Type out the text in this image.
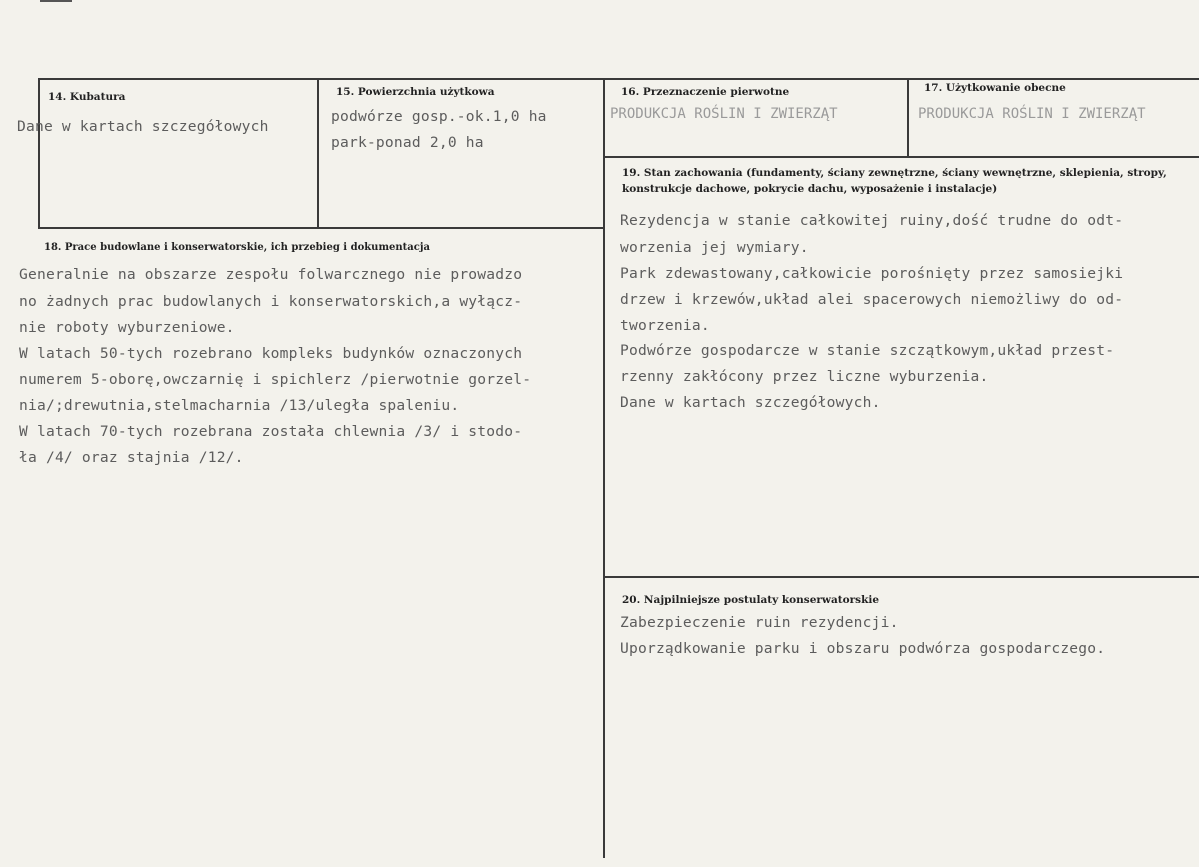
14. Kubatura
Dane w kartach szczegółowych
15. Powierzchnia użytkowa
podwórze gosp.-ok.1,0 ha
park-ponad 2,0 ha
16. Przeznaczenie pierwotne
PRODUKCJA ROŚLIN I ZWIERZĄT
17. Użytkowanie obecne
PRODUKCJA ROŚLIN I ZWIERZĄT
19. Stan zachowania (fundamenty, ściany zewnętrzne, ściany wewnętrzne, sklepienia, stropy, konstrukcje dachowe, pokrycie dachu, wyposażenie i instalacje)
Rezydencja w stanie całkowitej ruiny,dość trudne do odt-
worzenia jej wymiary.
Park zdewastowany,całkowicie porośnięty przez samosiejki
drzew i krzewów,układ alei spacerowych niemożliwy do od-
tworzenia.
Podwórze gospodarcze w stanie szczątkowym,układ przest-
rzenny zakłócony przez liczne wyburzenia.
Dane w kartach szczegółowych.
18. Prace budowlane i konserwatorskie, ich przebieg i dokumentacja
Generalnie na obszarze zespołu folwarcznego nie prowadzo
no żadnych prac budowlanych i konserwatorskich,a wyłącz-
nie roboty wyburzeniowe.
W latach 50-tych rozebrano kompleks budynków oznaczonych
numerem 5-oborę,owczarnię i spichlerz /pierwotnie gorzel-
nia/;drewutnia,stelmacharnia /13/uległa spaleniu.
W latach 70-tych rozebrana została chlewnia /3/ i stodo-
ła /4/ oraz stajnia /12/.
20. Najpilniejsze postulaty konserwatorskie
Zabezpieczenie ruin rezydencji.
Uporządkowanie parku i obszaru podwórza gospodarczego.
